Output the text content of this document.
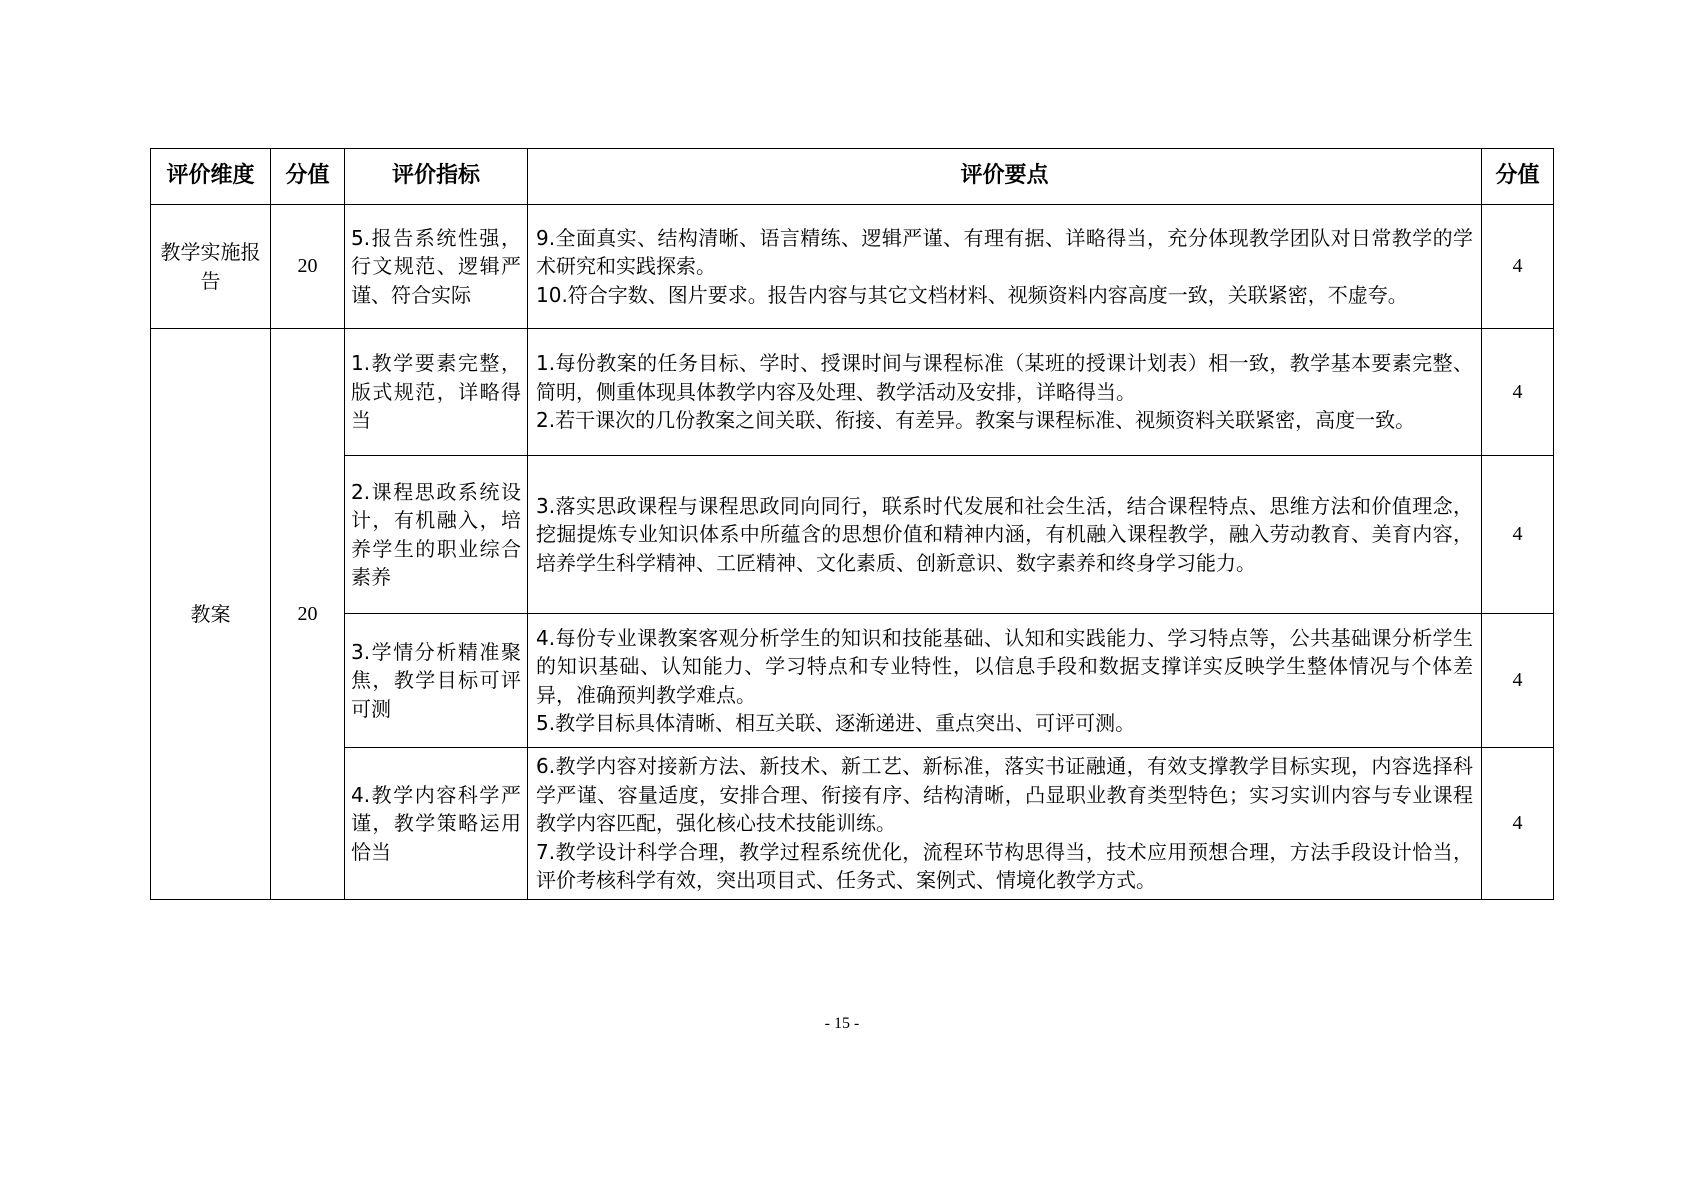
评价维度	分值	评价指标	评价要点	分值
教学实施报告	20	5.报告系统性强，行文规范、逻辑严谨、符合实际	9.全面真实、结构清晰、语言精练、逻辑严谨、有理有据、详略得当，充分体现教学团队对日常教学的学术研究和实践探索。
10.符合字数、图片要求。报告内容与其它文档材料、视频资料内容高度一致，关联紧密，不虚夸。	4
教案	20	1.教学要素完整，版式规范，详略得当	1.每份教案的任务目标、学时、授课时间与课程标准（某班的授课计划表）相一致，教学基本要素完整、简明，侧重体现具体教学内容及处理、教学活动及安排，详略得当。
2.若干课次的几份教案之间关联、衔接、有差异。教案与课程标准、视频资料关联紧密，高度一致。	4
		2.课程思政系统设计，有机融入，培养学生的职业综合素养	3.落实思政课程与课程思政同向同行，联系时代发展和社会生活，结合课程特点、思维方法和价值理念，挖掘提炼专业知识体系中所蕴含的思想价值和精神内涵，有机融入课程教学，融入劳动教育、美育内容，培养学生科学精神、工匠精神、文化素质、创新意识、数字素养和终身学习能力。	4
		3.学情分析精准聚焦，教学目标可评可测	4.每份专业课教案客观分析学生的知识和技能基础、认知和实践能力、学习特点等，公共基础课分析学生的知识基础、认知能力、学习特点和专业特性，以信息手段和数据支撑详实反映学生整体情况与个体差异，准确预判教学难点。
5.教学目标具体清晰、相互关联、逐渐递进、重点突出、可评可测。	4
		4.教学内容科学严谨，教学策略运用恰当	6.教学内容对接新方法、新技术、新工艺、新标准，落实书证融通，有效支撑教学目标实现，内容选择科学严谨、容量适度，安排合理、衔接有序、结构清晰，凸显职业教育类型特色；实习实训内容与专业课程教学内容匹配，强化核心技术技能训练。
7.教学设计科学合理，教学过程系统优化，流程环节构思得当，技术应用预想合理，方法手段设计恰当，评价考核科学有效，突出项目式、任务式、案例式、情境化教学方式。	4
- 15 -
